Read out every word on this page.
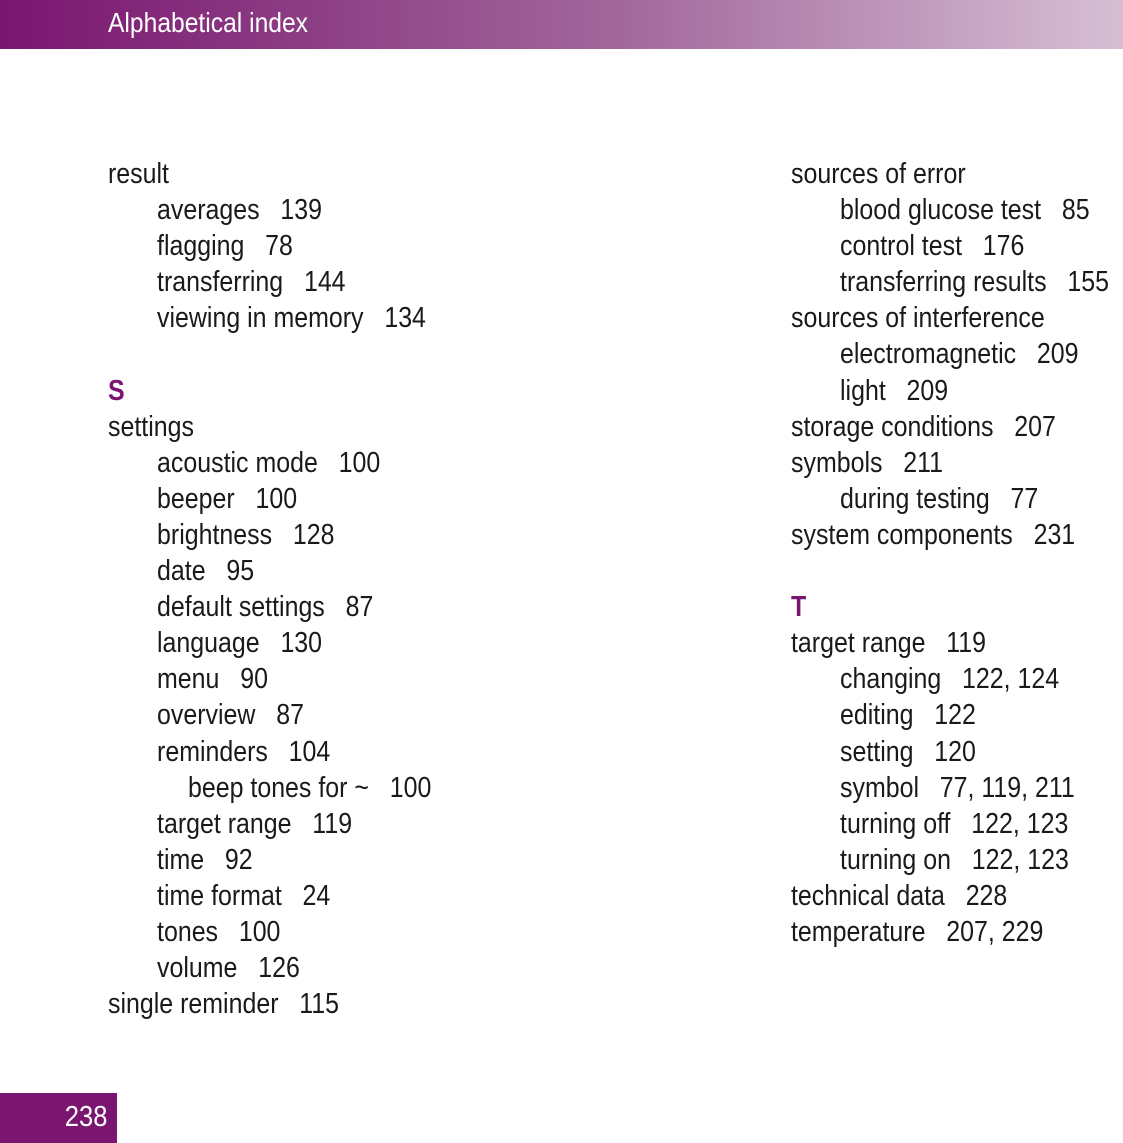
Alphabetical index
result
averages   139
flagging   78
transferring   144
viewing in memory   134
S
settings
acoustic mode   100
beeper   100
brightness   128
date   95
default settings   87
language   130
menu   90
overview   87
reminders   104
beep tones for ~   100
target range   119
time   92
time format   24
tones   100
volume   126
single reminder   115
sources of error
blood glucose test   85
control test   176
transferring results   155
sources of interference
electromagnetic   209
light   209
storage conditions   207
symbols   211
during testing   77
system components   231
T
target range   119
changing   122, 124
editing   122
setting   120
symbol   77, 119, 211
turning off   122, 123
turning on   122, 123
technical data   228
temperature   207, 229
238
